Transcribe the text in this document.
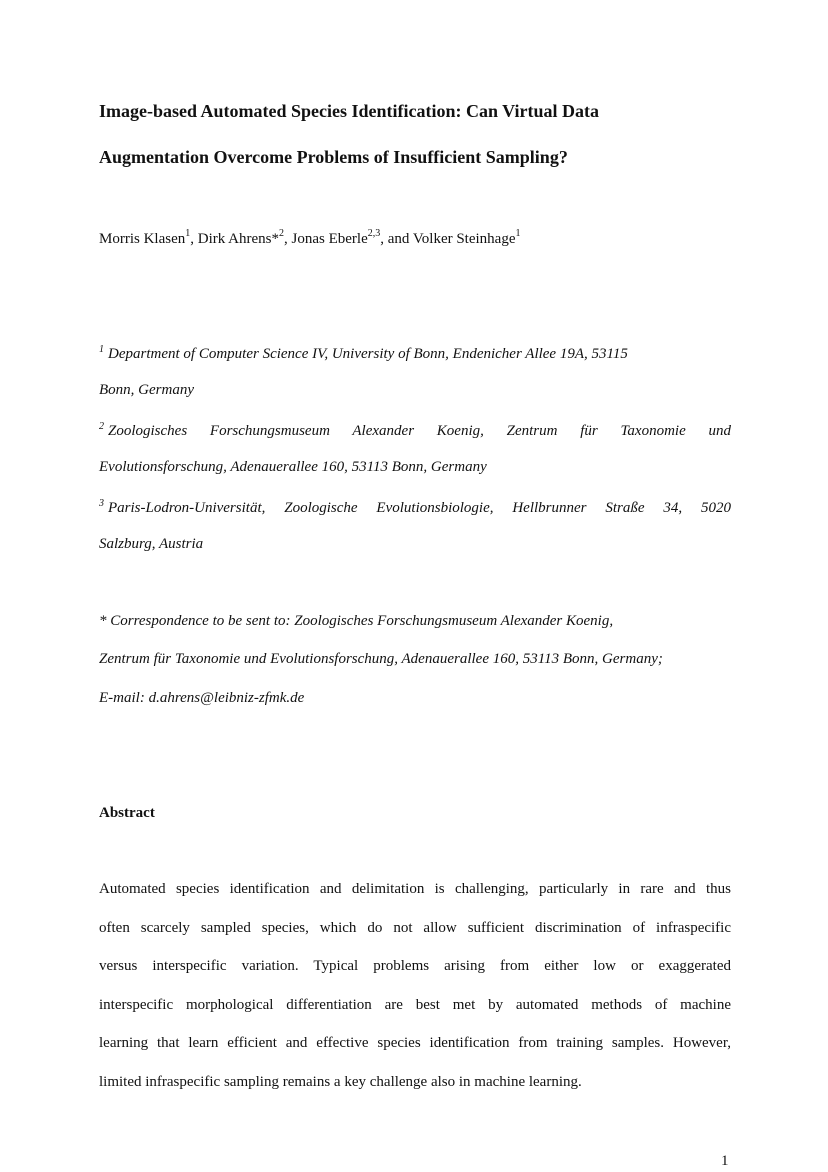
Image-based Automated Species Identification: Can Virtual Data
Augmentation Overcome Problems of Insufficient Sampling?
Morris Klasen$^1$, Dirk Ahrens*$^2$, Jonas Eberle$^{2,3}$, and Volker Steinhage$^1$
$^1$ Department of Computer Science IV, University of Bonn, Endenicher Allee 19A, 53115
Bonn, Germany
$^2$ Zoologisches Forschungsmuseum Alexander Koenig, Zentrum für Taxonomie und
Evolutionsforschung, Adenauerallee 160, 53113 Bonn, Germany
$^3$ Paris-Lodron-Universität, Zoologische Evolutionsbiologie, Hellbrunner Straße 34, 5020
Salzburg, Austria
* Correspondence to be sent to: Zoologisches Forschungsmuseum Alexander Koenig,
Zentrum für Taxonomie und Evolutionsforschung, Adenauerallee 160, 53113 Bonn, Germany;
E-mail: d.ahrens@leibniz-zfmk.de
Abstract
Automated species identification and delimitation is challenging, particularly in rare and thus
often scarcely sampled species, which do not allow sufficient discrimination of infraspecific
versus interspecific variation. Typical problems arising from either low or exaggerated
interspecific morphological differentiation are best met by automated methods of machine
learning that learn efficient and effective species identification from training samples. However,
limited infraspecific sampling remains a key challenge also in machine learning.
1
